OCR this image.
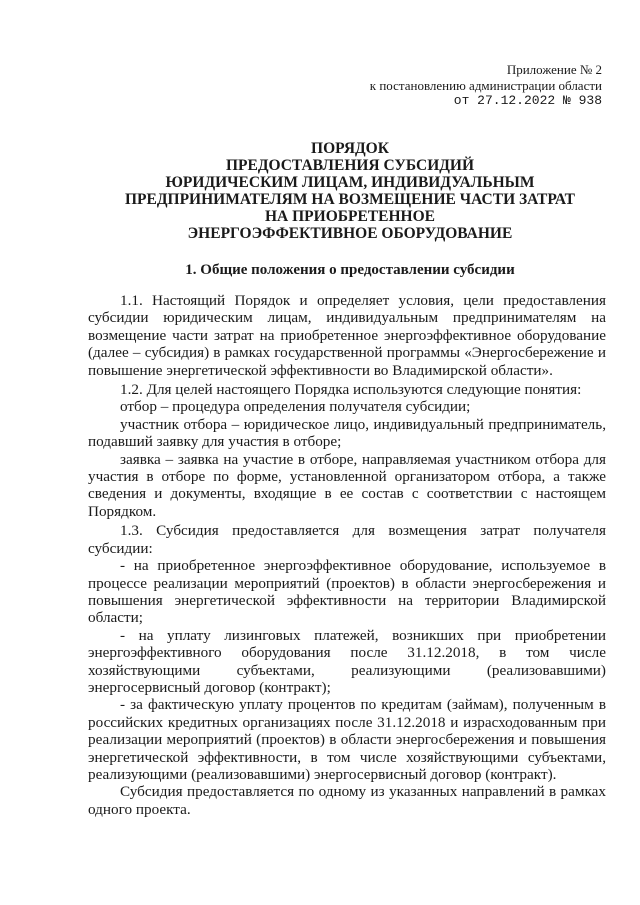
Приложение № 2
к постановлению администрации области
от 27.12.2022 № 938
ПОРЯДОК
ПРЕДОСТАВЛЕНИЯ СУБСИДИЙ
ЮРИДИЧЕСКИМ ЛИЦАМ, ИНДИВИДУАЛЬНЫМ
ПРЕДПРИНИМАТЕЛЯМ НА ВОЗМЕЩЕНИЕ ЧАСТИ ЗАТРАТ
НА ПРИОБРЕТЕННОЕ
ЭНЕРГОЭФФЕКТИВНОЕ ОБОРУДОВАНИЕ
1. Общие положения о предоставлении субсидии

1.1. Настоящий Порядок и определяет условия, цели предоставления субсидии юридическим лицам, индивидуальным предпринимателям на возмещение части затрат на приобретенное энергоэффективное оборудование (далее – субсидия) в рамках государственной программы «Энергосбережение и повышение энергетической эффективности во Владимирской области».

1.2. Для целей настоящего Порядка используются следующие понятия:

отбор – процедура определения получателя субсидии;

участник отбора – юридическое лицо, индивидуальный предприниматель, подавший заявку для участия в отборе;

заявка – заявка на участие в отборе, направляемая участником отбора для участия в отборе по форме, установленной организатором отбора, а также сведения и документы, входящие в ее состав с соответствии с настоящем Порядком.

1.3. Субсидия предоставляется для возмещения затрат получателя субсидии:

- на приобретенное энергоэффективное оборудование, используемое в процессе реализации мероприятий (проектов) в области энергосбережения и повышения энергетической эффективности на территории Владимирской области;

- на уплату лизинговых платежей, возникших при приобретении энергоэффективного оборудования после 31.12.2018, в том числе хозяйствующими субъектами, реализующими (реализовавшими) энергосервисный договор (контракт);

- за фактическую уплату процентов по кредитам (займам), полученным в российских кредитных организациях после 31.12.2018 и израсходованным при реализации мероприятий (проектов) в области энергосбережения и повышения энергетической эффективности, в том числе хозяйствующими субъектами, реализующими (реализовавшими) энергосервисный договор (контракт).

Субсидия предоставляется по одному из указанных направлений в рамках одного проекта.
